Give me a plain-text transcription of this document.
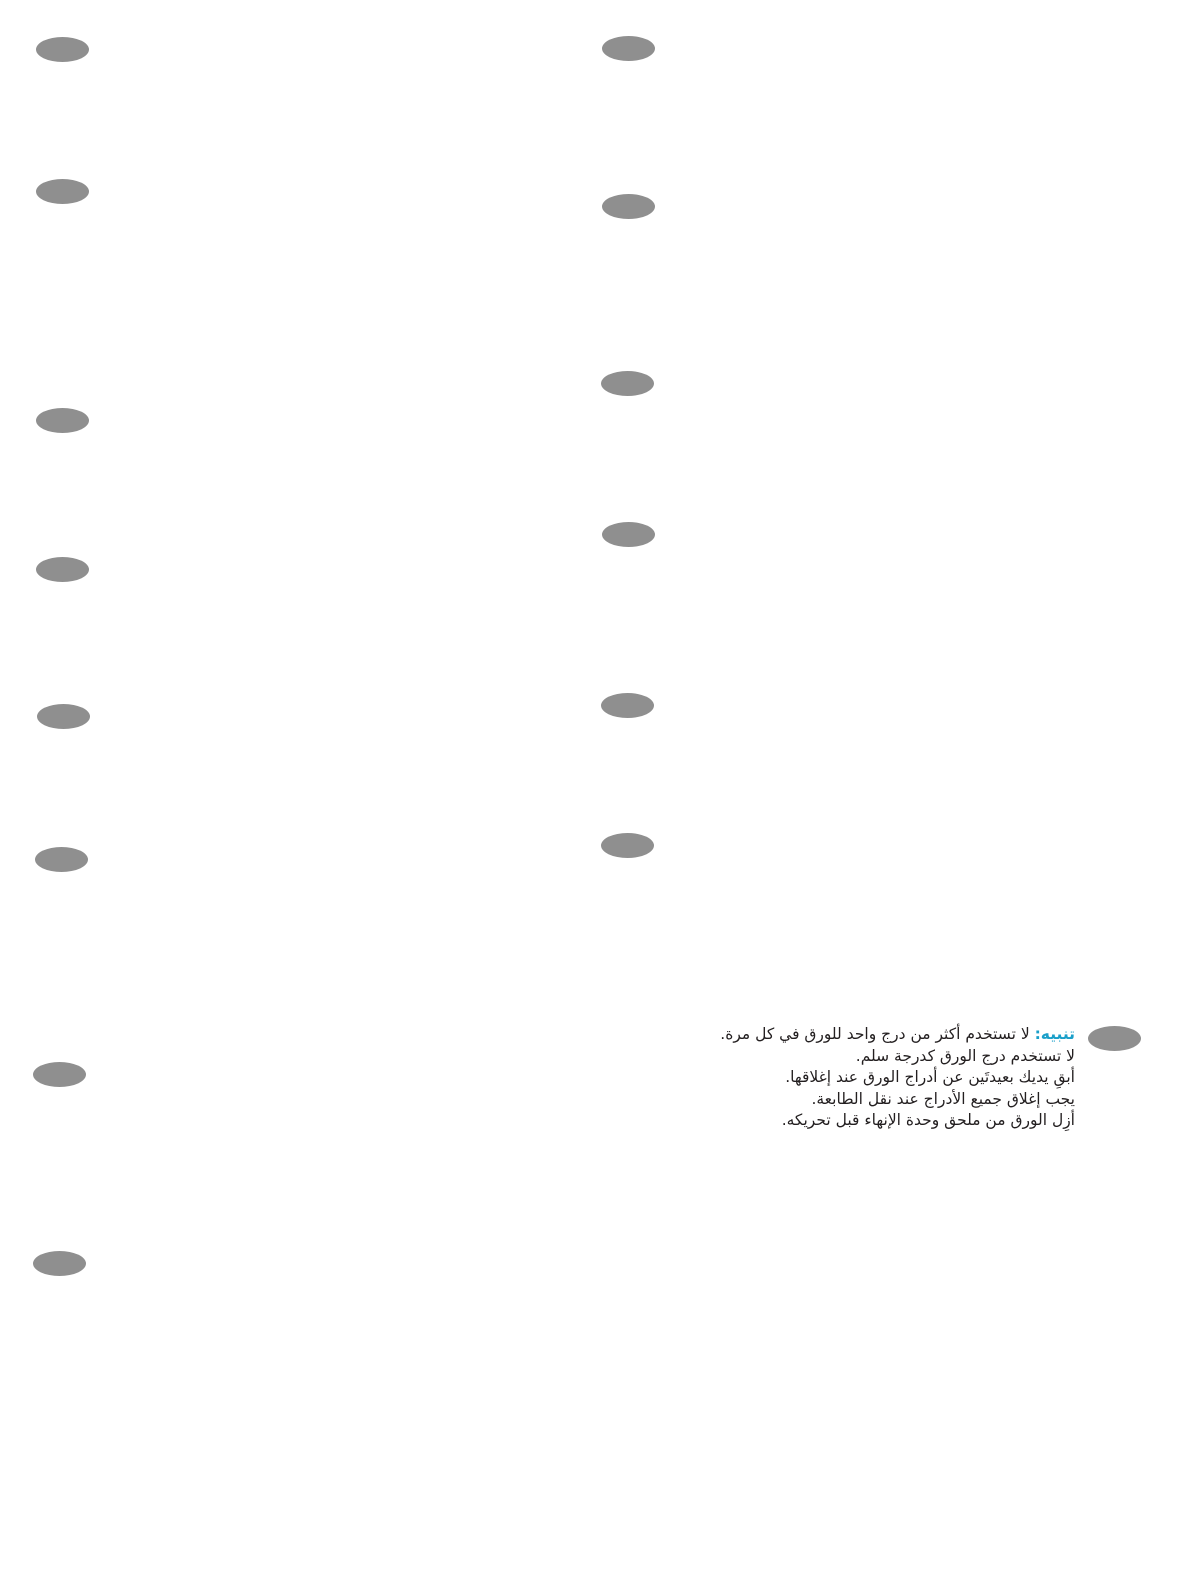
تنبيه: لا تستخدم أكثر من درج واحد للورق في كل مرة.
لا تستخدم درج الورق كدرجة سلم.
أبقِ يديك بعيدتَين عن أدراج الورق عند إغلاقها.
يجب إغلاق جميع الأدراج عند نقل الطابعة.
أزِل الورق من ملحق وحدة الإنهاء قبل تحريكه.
